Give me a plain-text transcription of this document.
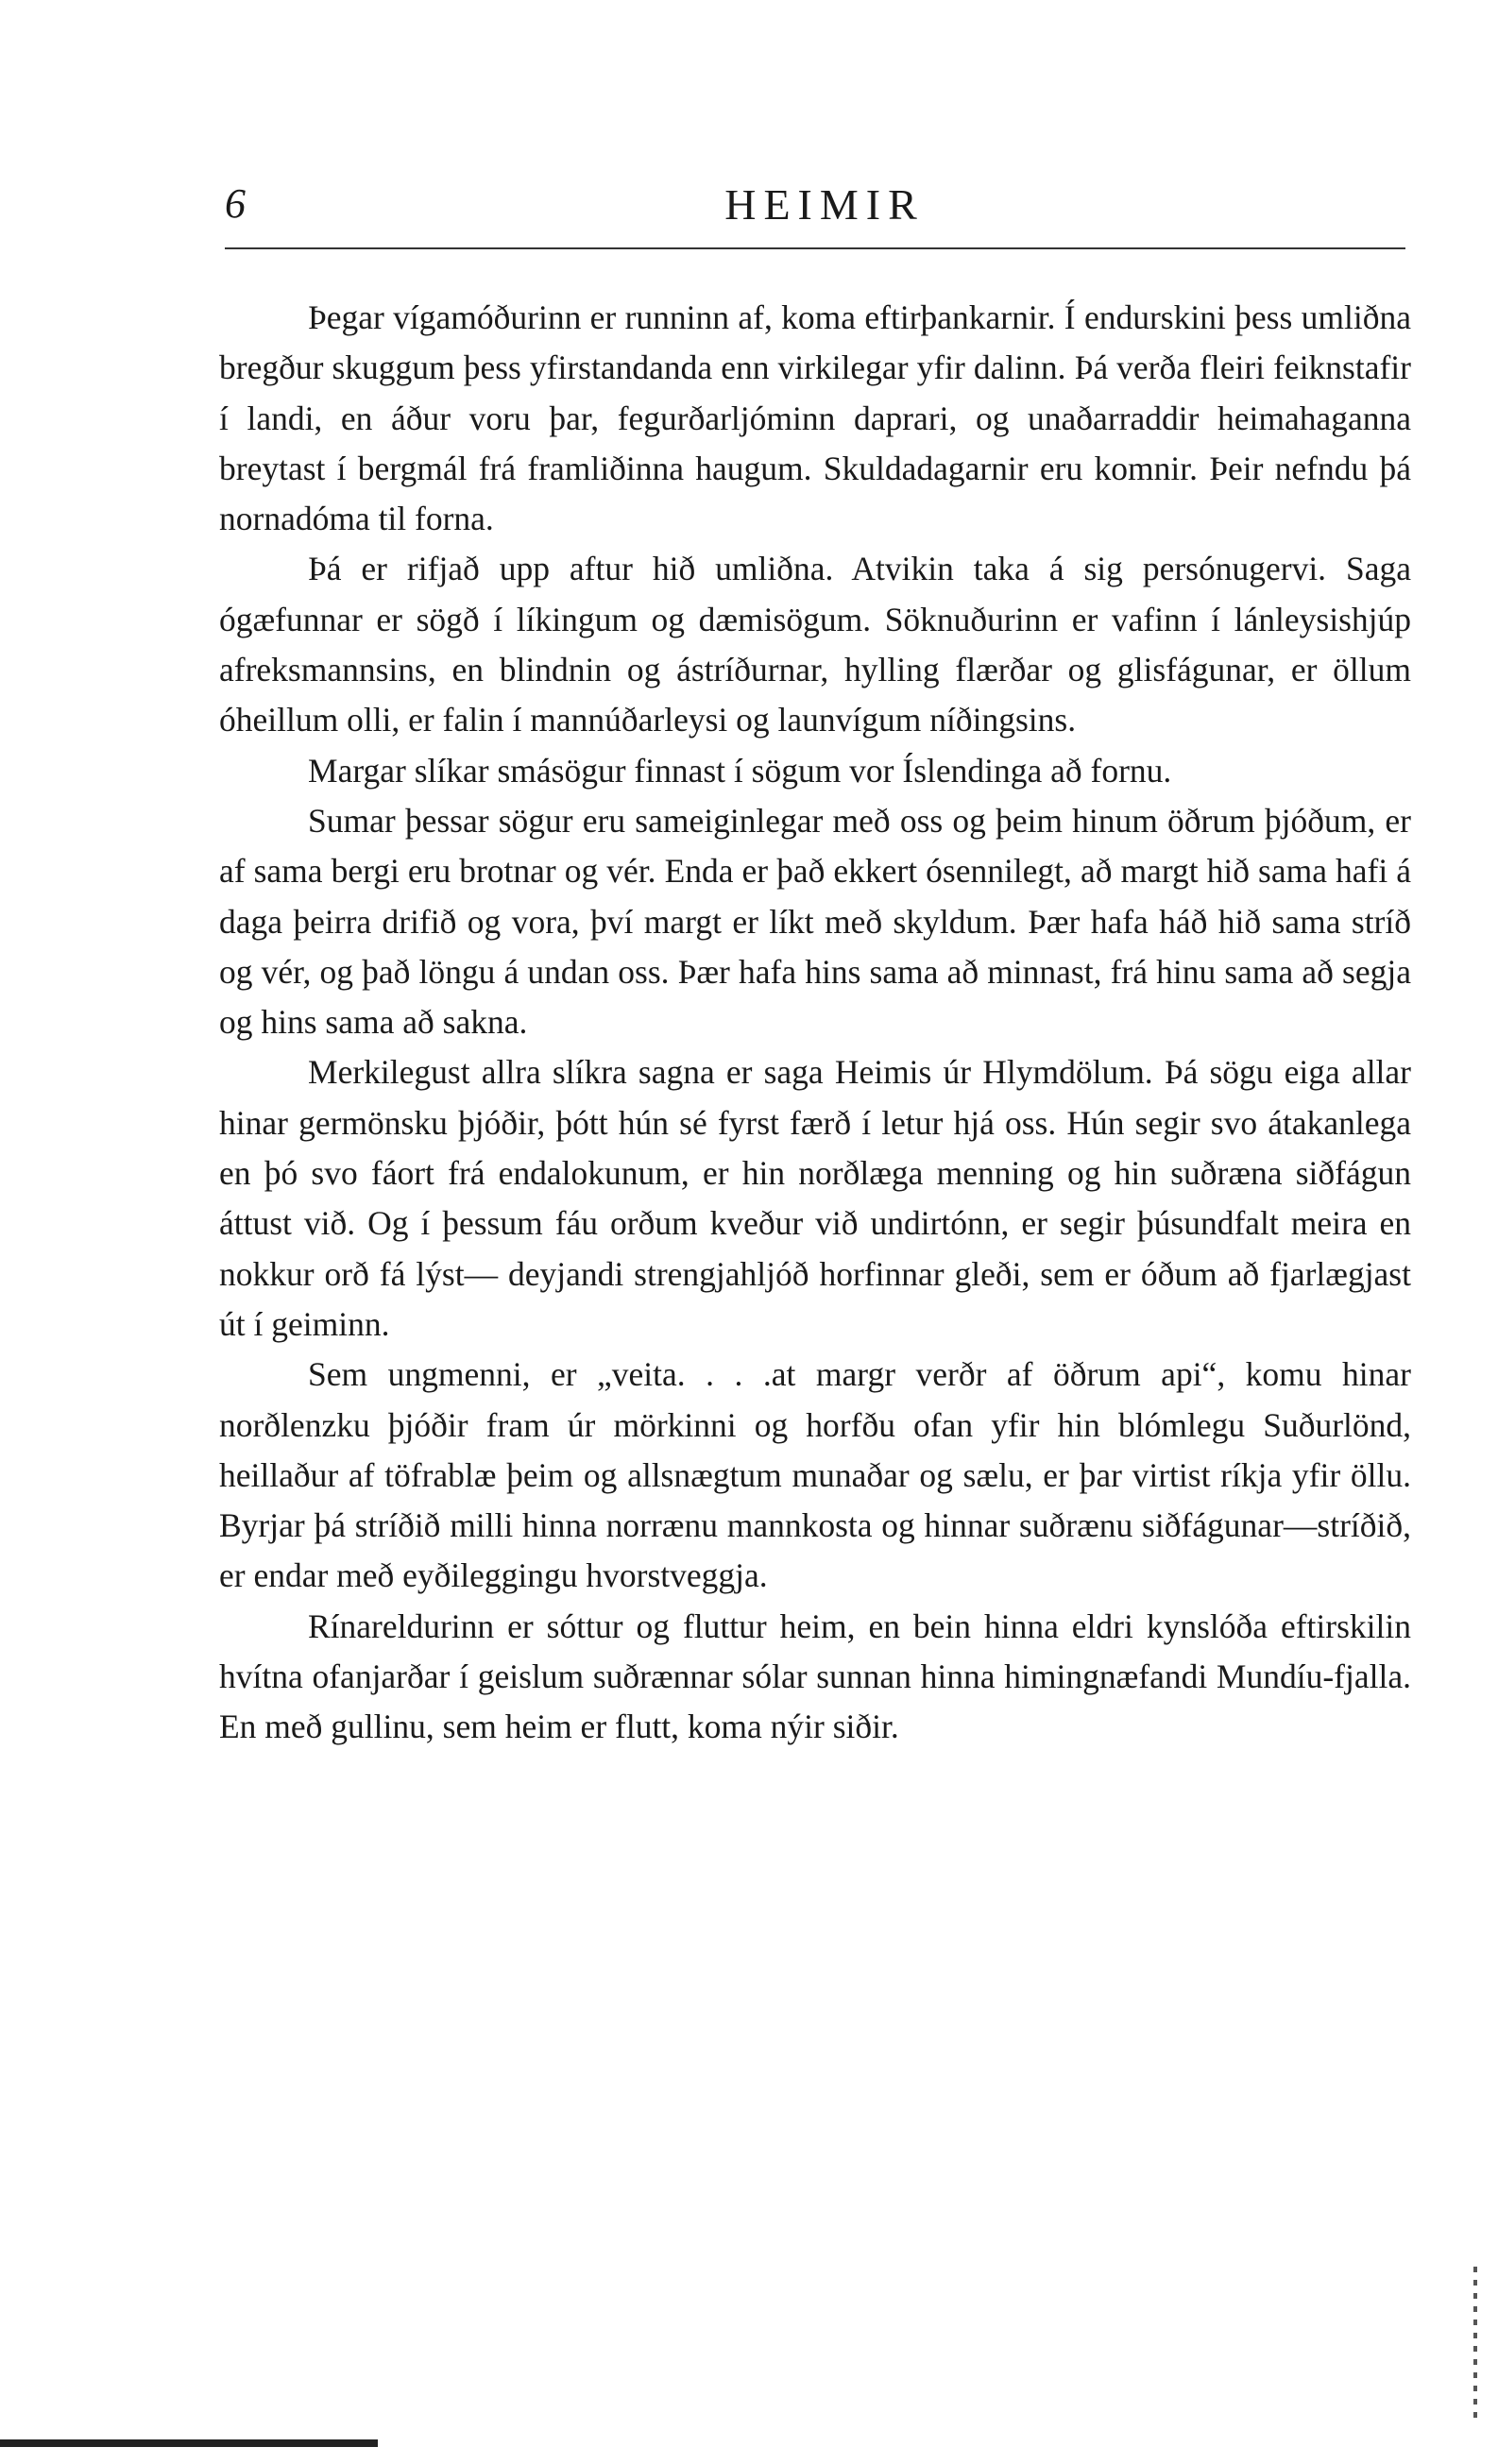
6	HEIMIR

Þegar vígamóðurinn er runninn af, koma eftirþankarnir. Í endurskini þess umliðna bregður skuggum þess yfirstandanda enn virkilegar yfir dalinn. Þá verða fleiri feiknstafir í landi, en áður voru þar, fegurðarljóminn daprari, og unaðarraddir heimahaganna breytast í bergmál frá framliðinna haugum. Skuldadagarnir eru komnir. Þeir nefndu þá nornadóma til forna.

Þá er rifjað upp aftur hið umliðna. Atvikin taka á sig persónugervi. Saga ógæfunnar er sögð í líkingum og dæmisögum. Söknuðurinn er vafinn í lánleysishjúp afreksmannsins, en blindnin og ástríðurnar, hylling flærðar og glisfágunar, er öllum óheillum olli, er falin í mannúðarleysi og launvígum níðingsins.

Margar slíkar smásögur finnast í sögum vor Íslendinga að fornu.

Sumar þessar sögur eru sameiginlegar með oss og þeim hinum öðrum þjóðum, er af sama bergi eru brotnar og vér. Enda er það ekkert ósennilegt, að margt hið sama hafi á daga þeirra drifið og vora, því margt er líkt með skyldum. Þær hafa háð hið sama stríð og vér, og það löngu á undan oss. Þær hafa hins sama að minnast, frá hinu sama að segja og hins sama að sakna.

Merkilegust allra slíkra sagna er saga Heimis úr Hlymdölum. Þá sögu eiga allar hinar germönsku þjóðir, þótt hún sé fyrst færð í letur hjá oss. Hún segir svo átakanlega en þó svo fáort frá endalokunum, er hin norðlæga menning og hin suðræna siðfágun áttust við. Og í þessum fáu orðum kveður við undirtónn, er segir þúsundfalt meira en nokkur orð fá lýst— deyjandi strengjahljóð horfinnar gleði, sem er óðum að fjarlægjast út í geiminn.

Sem ungmenni, er „veita. . . .at margr verðr af öðrum api“, komu hinar norðlenzku þjóðir fram úr mörkinni og horfðu ofan yfir hin blómlegu Suðurlönd, heillaður af töfrablæ þeim og allsnægtum munaðar og sælu, er þar virtist ríkja yfir öllu. Byrjar þá stríðið milli hinna norrænu mannkosta og hinnar suðrænu siðfágunar—stríðið, er endar með eyðileggingu hvorstveggja.

Rínareldurinn er sóttur og fluttur heim, en bein hinna eldri kynslóða eftirskilin hvítna ofanjarðar í geislum suðrænnar sólar sunnan hinna himingnæfandi Mundíu-fjalla. En með gullinu, sem heim er flutt, koma nýir siðir.
